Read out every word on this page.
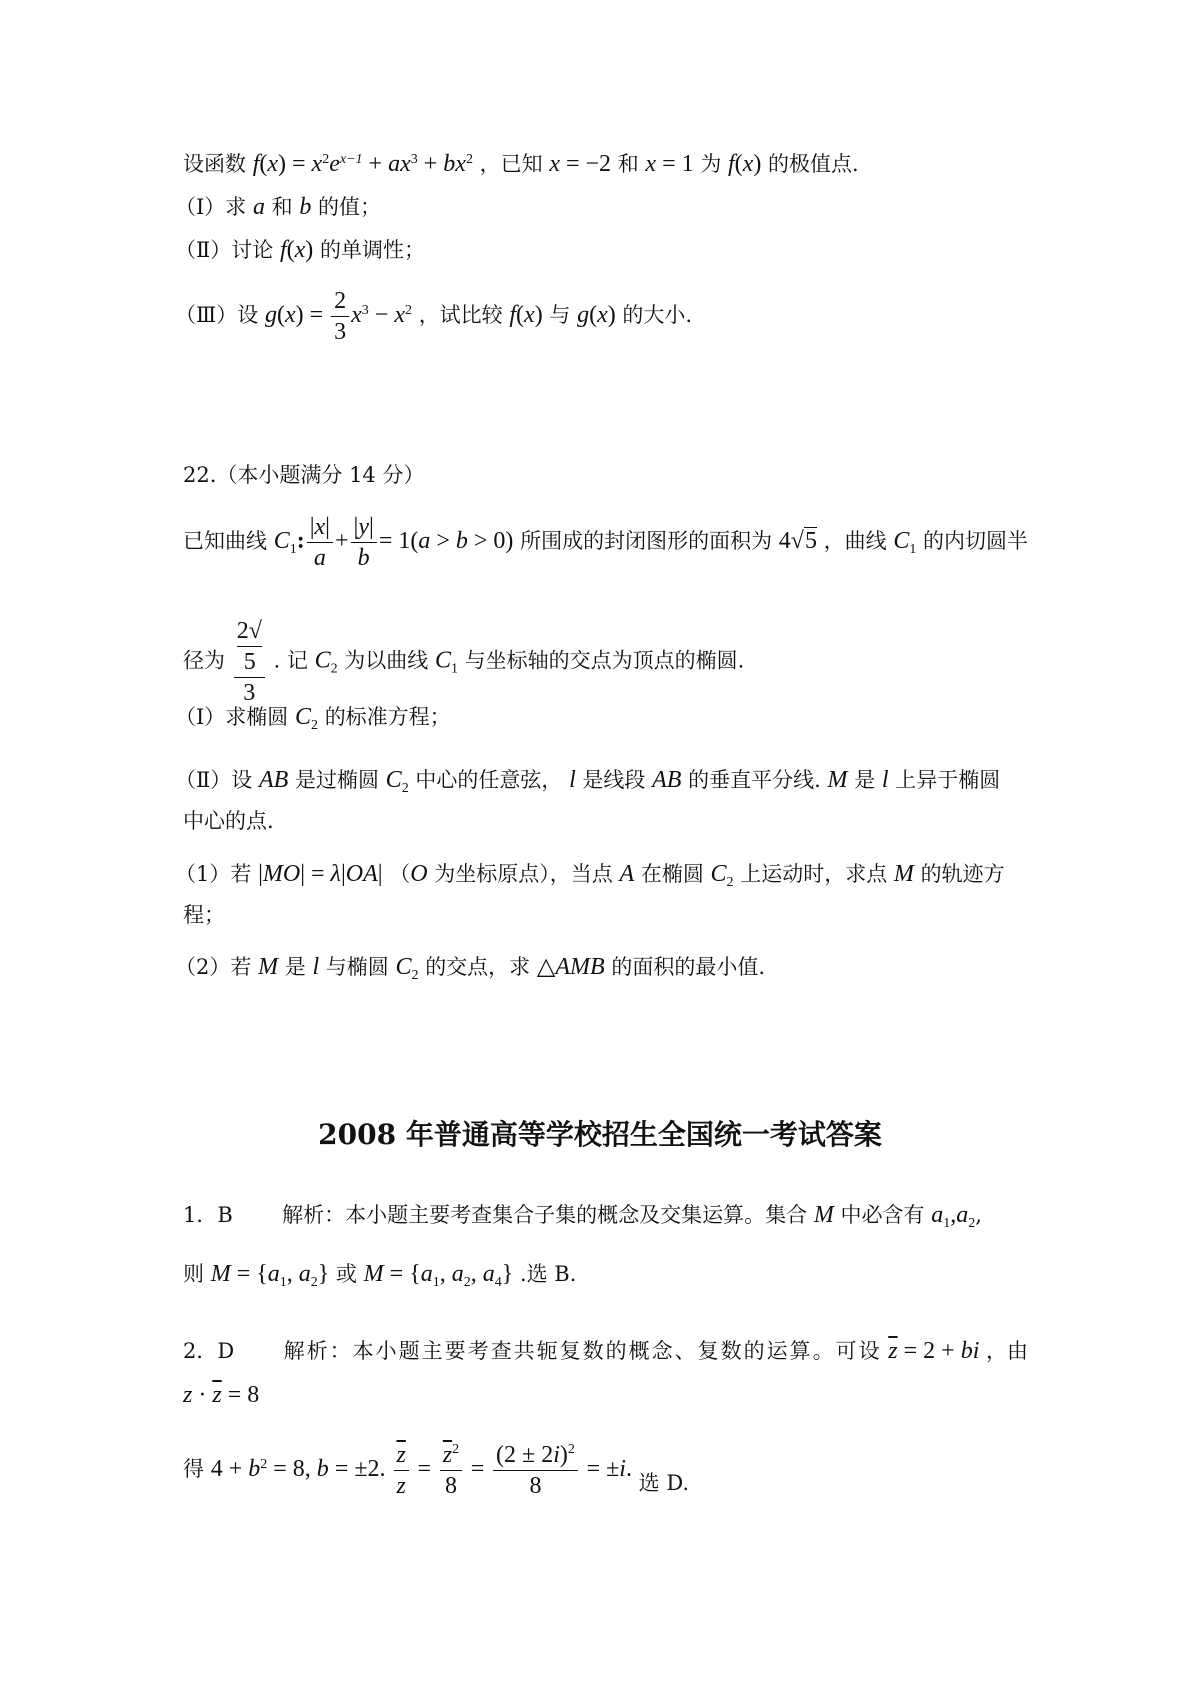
设函数 $f(x) = x^2e^{x-1} + ax^3 + bx^2$ ，已知 x = −2 和 x = 1 为 f(x) 的极值点.
（Ⅰ）求 a 和 b 的值；
（Ⅱ）讨论 f(x) 的单调性；
（Ⅲ）设 $g(x) = \frac{2}{3} x^3 - x^2$ ，试比较 f(x) 与 g(x) 的大小.
22.（本小题满分 14 分）
已知曲线 $C_1$: $\frac{|x|}{a} + \frac{|y|}{b} = 1(a > b > 0)$ 所围成的封闭图形的面积为 4√5 ，曲线 $C_1$ 的内切圆半
径为 2√
5
3 . 记 $C_2$ 为以曲线 $C_1$ 与坐标轴的交点为顶点的椭圆.
（Ⅰ）求椭圆 $C_2$ 的标准方程；
（Ⅱ）设 AB 是过椭圆 $C_2$ 中心的任意弦， l 是线段 AB 的垂直平分线. M 是 l 上异于椭圆
中心的点.
（1）若 |MO| = λ|OA| （O 为坐标原点），当点 A 在椭圆 $C_2$ 上运动时，求点 M 的轨迹方
程；
（2）若 M 是 l 与椭圆 $C_2$ 的交点，求 △AMB 的面积的最小值.
2008 年普通高等学校招生全国统一考试答案
1．B 解析：本小题主要考查集合子集的概念及交集运算。集合 M 中必含有 $a_1,a_2$,
则 $M = \{a_1$, $a_2$} 或 $M = \{a_1$, $a_2$, $a_4$} .选 B.
2．D 解析：本小题主要考查共轭复数的概念、复数的运算。可设 $\overline{z} = 2$ + bi ，由
$z \cdot \overline{z} = 8$
得 $4 + b^2 = 8$, b = ±2. $\frac{\overline{z}}{z} = \frac{\overline{z}^2}{8} = \frac{(2 \pm 2i)^2}{8} = \pm i$. 选 D.
